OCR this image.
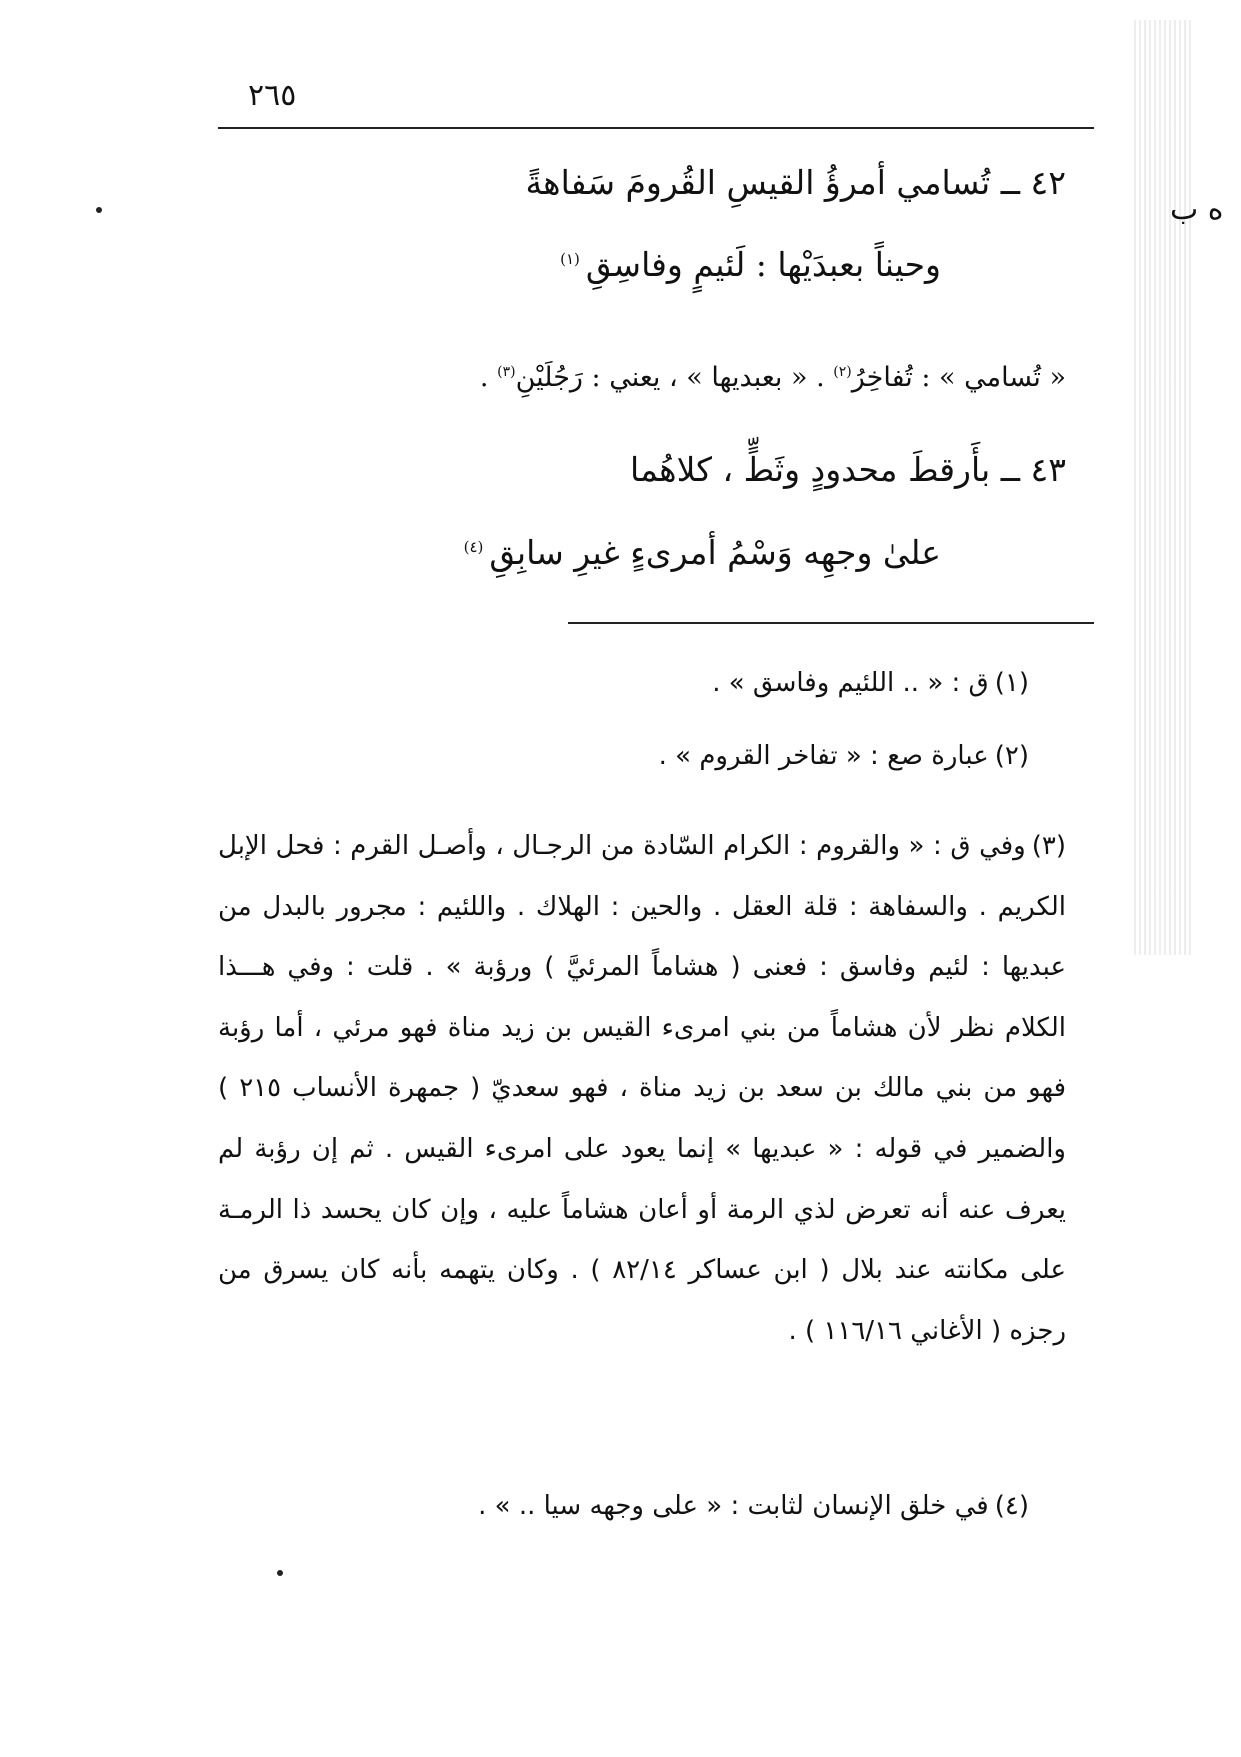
٢٦٥
ه ب
٤٢ ــ تُسامي أمرؤُ القيسِ القُرومَ سَفاهةً
وحيناً بعبدَيْها : لَئيمٍ وفاسِقِ$^{(١)}$
« تُسامي » : تُفاخِرُ$^{(٢)}$ . « بعبديها » ، يعني : رَجُلَيْنِ$^{(٣)}$ .
٤٣ ــ بأَرقطَ محدودٍ وثَطٍّ ، كلاهُما
علىٰ وجهِه وَسْمُ أمرىءٍ غيرِ سابِقِ$^{(٤)}$
(١)ق : « .. اللئيم وفاسق » .
(٢)عبارة صع : « تفاخر القروم » .
(٣)وفي ق : « والقروم : الكرام السّادة من الرجـال ، وأصـل القرم : فحل الإبل الكريم . والسفاهة : قلة العقل . والحين : الهلاك . واللئيم : مجرور بالبدل من عبديها : لئيم وفاسق : فعنى ( هشاماً المرئيَّ ) ورؤبة » . قلت : وفي هـــذا الكلام نظر لأن هشاماً من بني امرىء القيس بن زيد مناة فهو مرئي ، أما رؤبة فهو من بني مالك بن سعد بن زيد مناة ، فهو سعديّ ( جمهرة الأنساب ٢١٥ ) والضمير في قوله : « عبديها » إنما يعود على امرىء القيس . ثم إن رؤبة لم يعرف عنه أنه تعرض لذي الرمة أو أعان هشاماً عليه ، وإن كان يحسد ذا الرمـة على مكانته عند بلال ( ابن عساكر ٨٢/١٤ ) . وكان يتهمه بأنه كان يسرق من رجزه ( الأغاني ١١٦/١٦ ) .
(٤)في خلق الإنسان لثابت : « على وجهه سيا .. » .
